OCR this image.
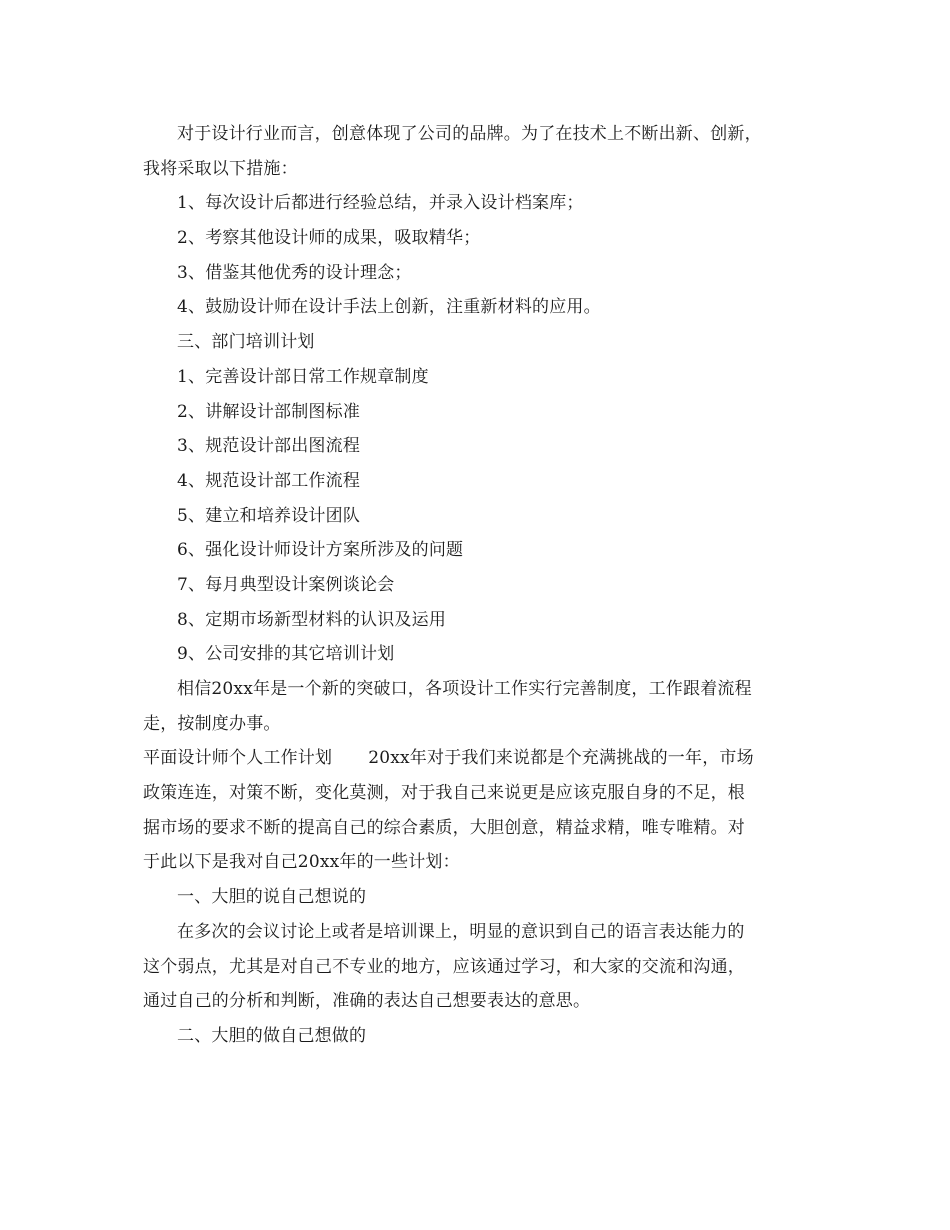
对于设计行业而言，创意体现了公司的品牌。为了在技术上不断出新、创新，
我将采取以下措施：
1、每次设计后都进行经验总结，并录入设计档案库；
2、考察其他设计师的成果，吸取精华；
3、借鉴其他优秀的设计理念；
4、鼓励设计师在设计手法上创新，注重新材料的应用。
三、部门培训计划
1、完善设计部日常工作规章制度
2、讲解设计部制图标准
3、规范设计部出图流程
4、规范设计部工作流程
5、建立和培养设计团队
6、强化设计师设计方案所涉及的问题
7、每月典型设计案例谈论会
8、定期市场新型材料的认识及运用
9、公司安排的其它培训计划
相信20xx年是一个新的突破口，各项设计工作实行完善制度，工作跟着流程
走，按制度办事。
平面设计师个人工作计划 20xx年对于我们来说都是个充满挑战的一年，市场
政策连连，对策不断，变化莫测，对于我自己来说更是应该克服自身的不足，根
据市场的要求不断的提高自己的综合素质，大胆创意，精益求精，唯专唯精。对
于此以下是我对自己20xx年的一些计划：
一、大胆的说自己想说的
在多次的会议讨论上或者是培训课上，明显的意识到自己的语言表达能力的
这个弱点，尤其是对自己不专业的地方，应该通过学习，和大家的交流和沟通，
通过自己的分析和判断，准确的表达自己想要表达的意思。
二、大胆的做自己想做的
